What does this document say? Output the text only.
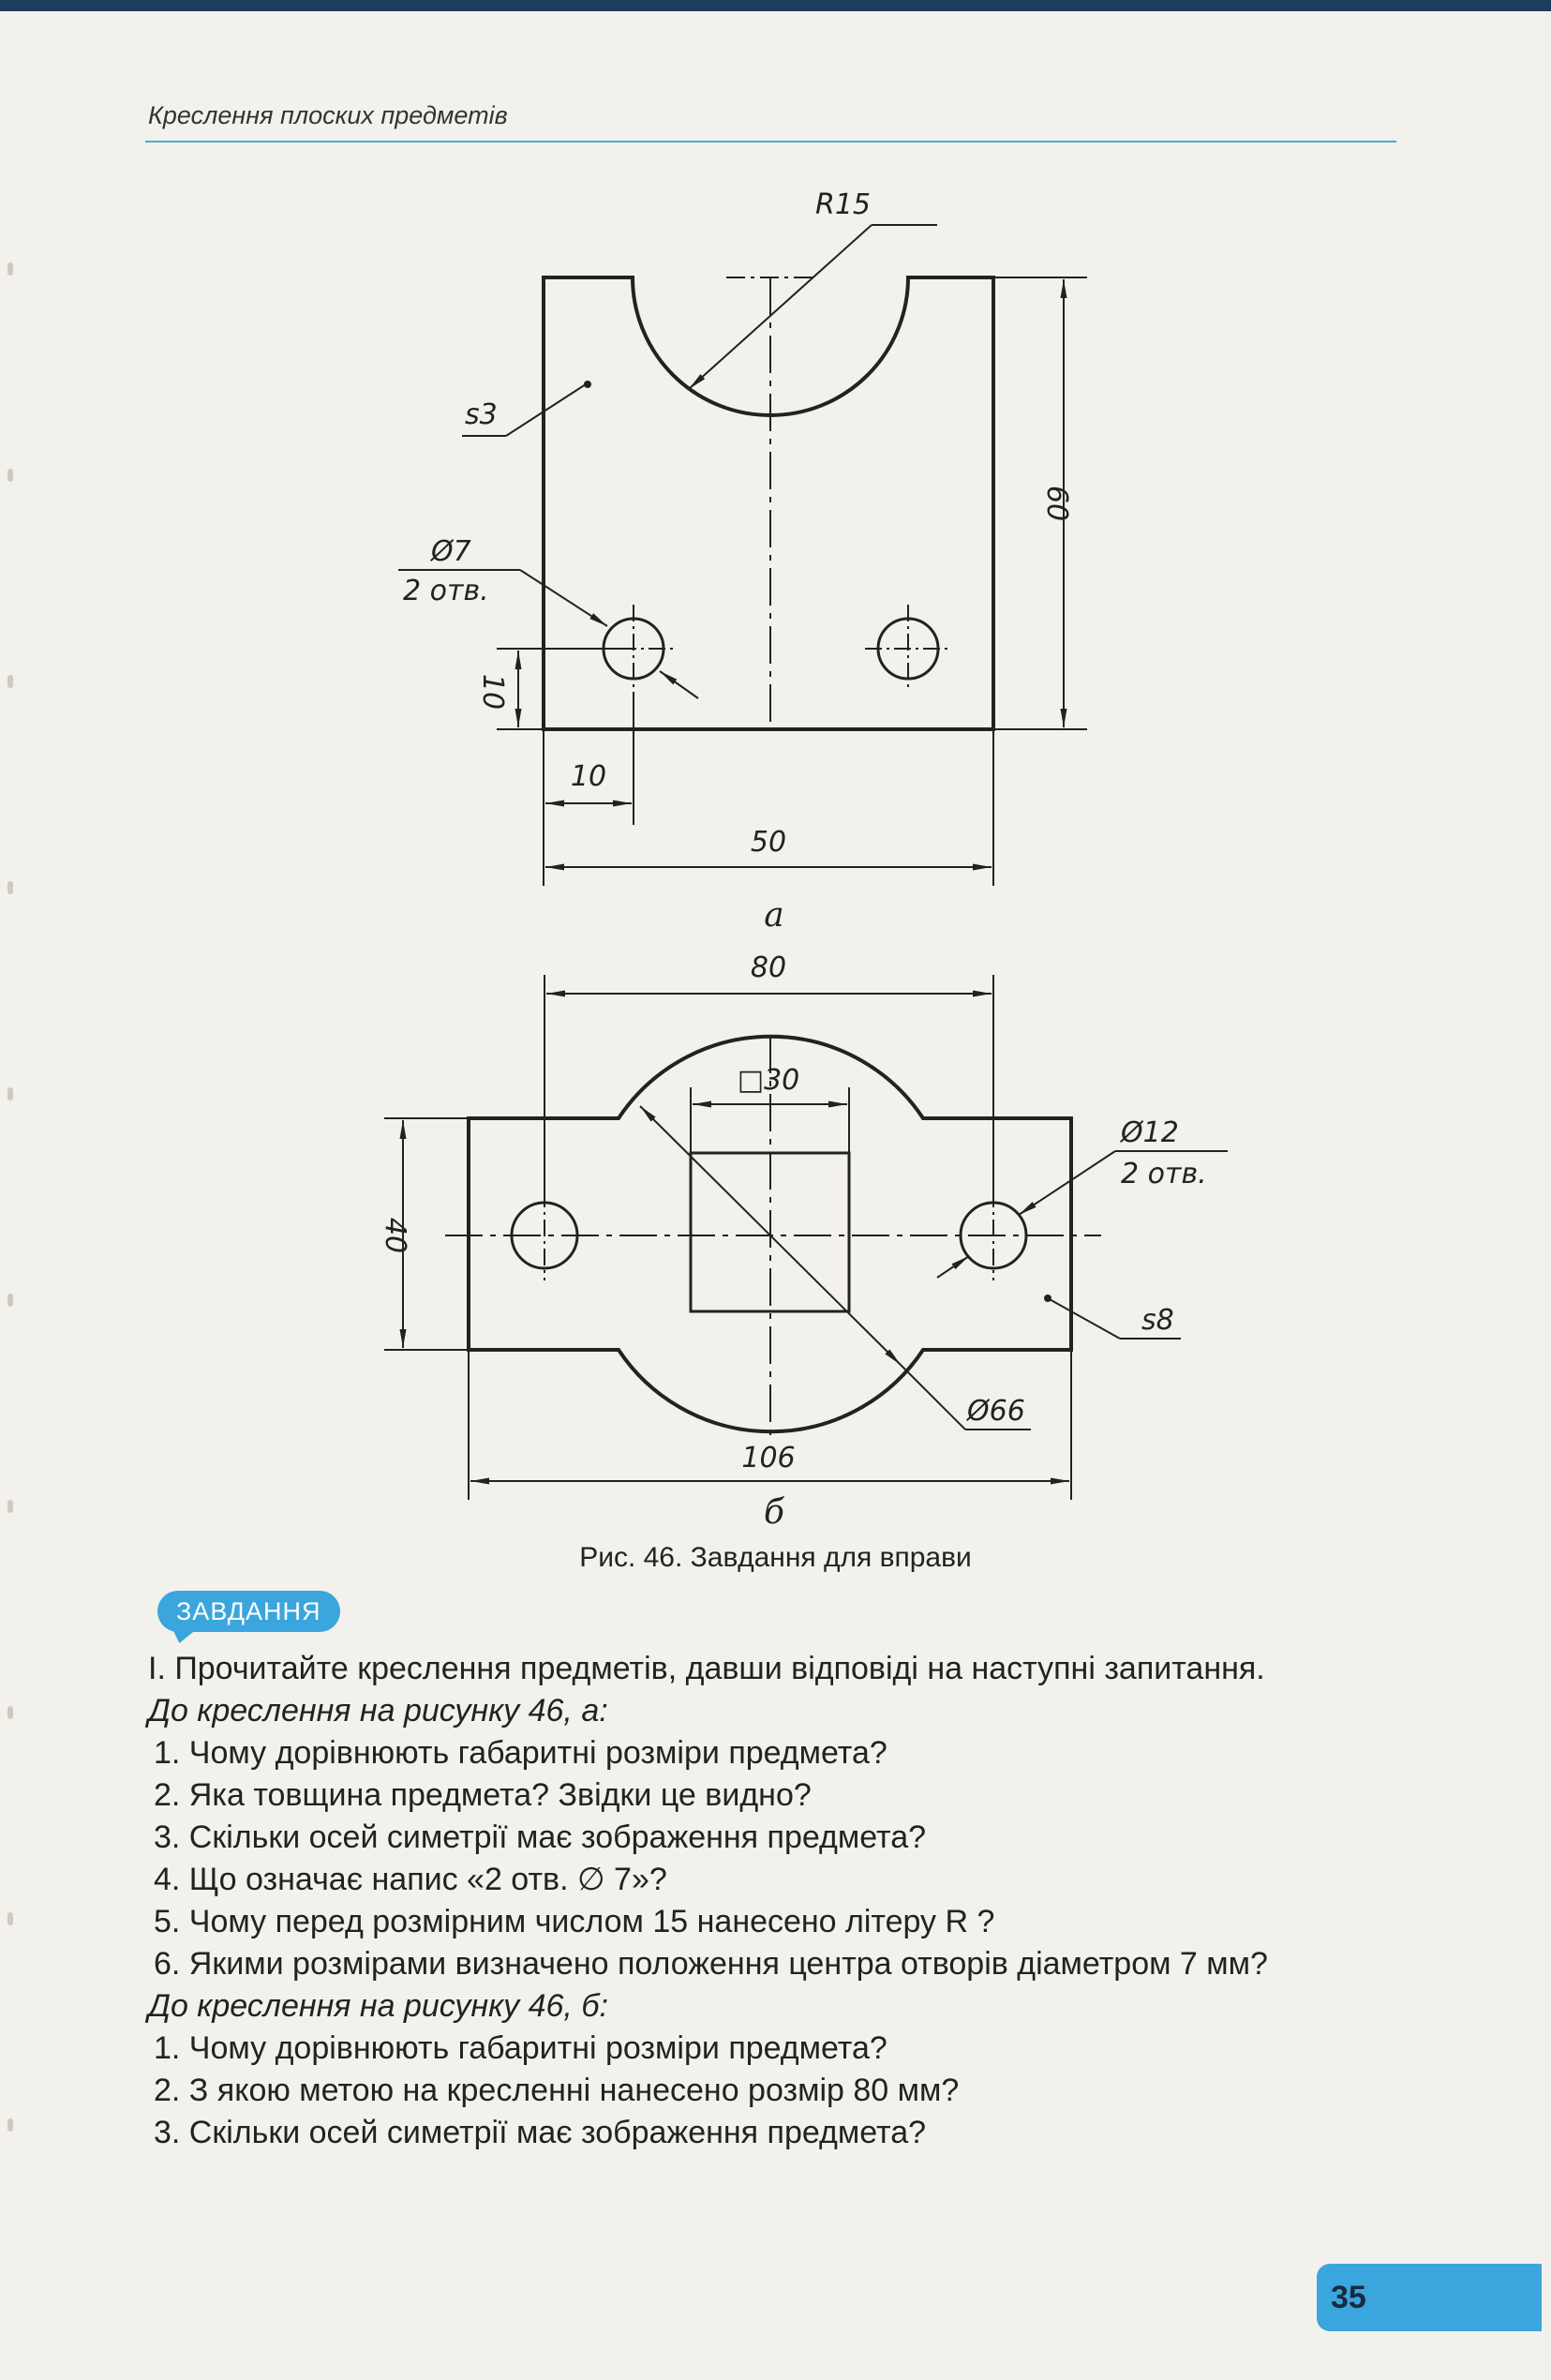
Креслення плоских предметів
R15
s3
Ø7
2 отв.
60
10
10
50
а
80
□30
Ø12
2 отв.
40
s8
Ø66
106
б
Рис. 46. Завдання для вправи
ЗАВДАННЯ

І. Прочитайте креслення предметів, давши відповіді на наступні запитання.

До креслення на рисунку 46, а:

1. Чому дорівнюють габаритні розміри предмета?

2. Яка товщина предмета? Звідки це видно?

3. Скільки осей симетрії має зображення предмета?

4. Що означає напис «2 отв. ∅ 7»?

5. Чому перед розмірним числом 15 нанесено літеру R ?

6. Якими розмірами визначено положення центра отворів діаметром 7 мм?

До креслення на рисунку 46, б:

1. Чому дорівнюють габаритні розміри предмета?

2. З якою метою на кресленні нанесено розмір 80 мм?

3. Скільки осей симетрії має зображення предмета?

35
